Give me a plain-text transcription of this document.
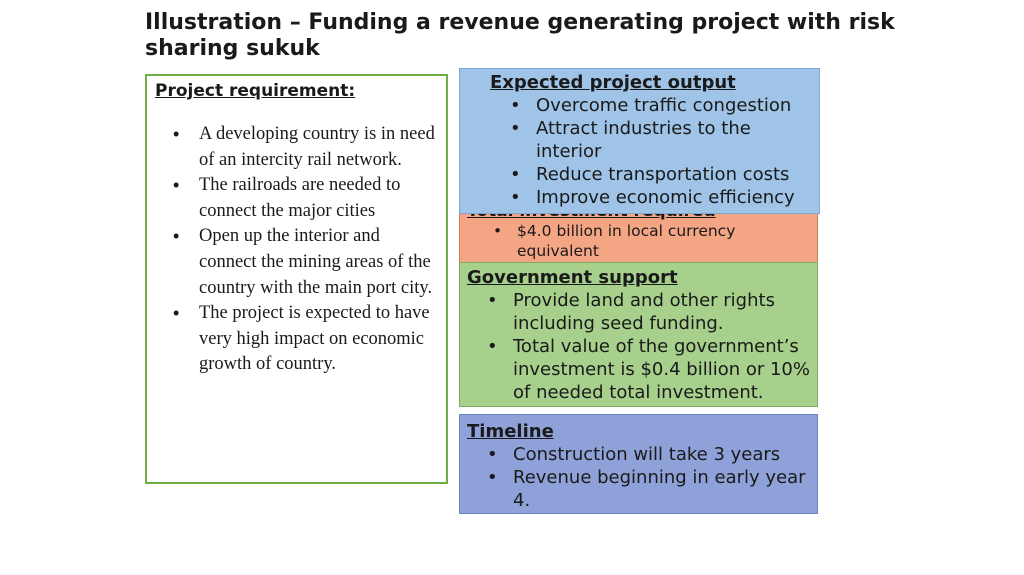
Illustration – Funding a revenue generating project with risk sharing sukuk
Project requirement:
• A developing country is in need of an intercity rail network.
• The railroads are needed to connect the major cities
• Open up the interior and connect the mining areas of the country with the main port city.
• The project is expected to have very high impact on economic growth of country.
• $4.0 billion in local currency equivalent
Expected project output
• Overcome traffic congestion
• Attract industries to the interior
• Reduce transportation costs
• Improve economic efficiency
Government support
• Provide land and other rights including seed funding.
• Total value of the government’s investment is $0.4 billion or 10% of needed total investment.
Timeline
• Construction will take 3 years
• Revenue beginning in early year 4.
